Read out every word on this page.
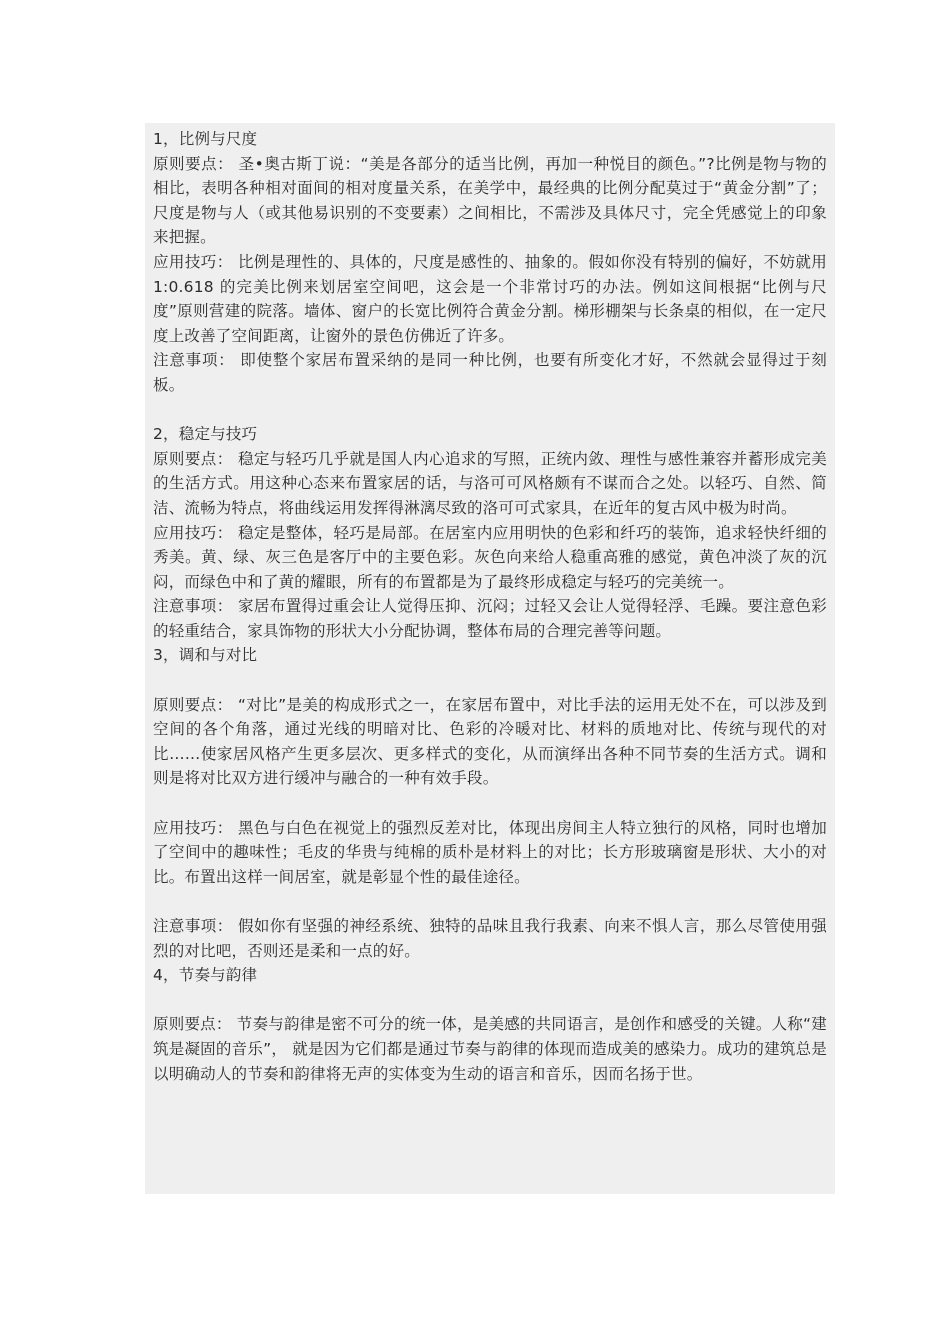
1，比例与尺度

原则要点： 圣•奥古斯丁说：“美是各部分的适当比例，再加一种悦目的颜色。”?比例是物与物的相比，表明各种相对面间的相对度量关系，在美学中，最经典的比例分配莫过于“黄金分割”了；尺度是物与人（或其他易识别的不变要素）之间相比，不需涉及具体尺寸，完全凭感觉上的印象来把握。

应用技巧： 比例是理性的、具体的，尺度是感性的、抽象的。假如你没有特别的偏好，不妨就用 1:0.618 的完美比例来划居室空间吧，这会是一个非常讨巧的办法。例如这间根据“比例与尺度”原则营建的院落。墙体、窗户的长宽比例符合黄金分割。梯形棚架与长条桌的相似，在一定尺度上改善了空间距离，让窗外的景色仿佛近了许多。

注意事项： 即使整个家居布置采纳的是同一种比例，也要有所变化才好，不然就会显得过于刻板。

2，稳定与技巧

原则要点： 稳定与轻巧几乎就是国人内心追求的写照，正统内敛、理性与感性兼容并蓄形成完美的生活方式。用这种心态来布置家居的话，与洛可可风格颇有不谋而合之处。以轻巧、自然、简洁、流畅为特点，将曲线运用发挥得淋漓尽致的洛可可式家具，在近年的复古风中极为时尚。

应用技巧： 稳定是整体，轻巧是局部。在居室内应用明快的色彩和纤巧的装饰，追求轻快纤细的秀美。黄、绿、灰三色是客厅中的主要色彩。灰色向来给人稳重高雅的感觉，黄色冲淡了灰的沉闷，而绿色中和了黄的耀眼，所有的布置都是为了最终形成稳定与轻巧的完美统一。

注意事项： 家居布置得过重会让人觉得压抑、沉闷；过轻又会让人觉得轻浮、毛躁。要注意色彩的轻重结合，家具饰物的形状大小分配协调，整体布局的合理完善等问题。

3，调和与对比

原则要点： “对比”是美的构成形式之一，在家居布置中，对比手法的运用无处不在，可以涉及到空间的各个角落，通过光线的明暗对比、色彩的冷暖对比、材料的质地对比、传统与现代的对比……使家居风格产生更多层次、更多样式的变化，从而演绎出各种不同节奏的生活方式。调和则是将对比双方进行缓冲与融合的一种有效手段。

应用技巧： 黑色与白色在视觉上的强烈反差对比，体现出房间主人特立独行的风格，同时也增加了空间中的趣味性；毛皮的华贵与纯棉的质朴是材料上的对比；长方形玻璃窗是形状、大小的对比。布置出这样一间居室，就是彰显个性的最佳途径。

注意事项： 假如你有坚强的神经系统、独特的品味且我行我素、向来不惧人言，那么尽管使用强烈的对比吧，否则还是柔和一点的好。

4，节奏与韵律

原则要点： 节奏与韵律是密不可分的统一体，是美感的共同语言，是创作和感受的关键。人称“建筑是凝固的音乐”， 就是因为它们都是通过节奏与韵律的体现而造成美的感染力。成功的建筑总是以明确动人的节奏和韵律将无声的实体变为生动的语言和音乐，因而名扬于世。
